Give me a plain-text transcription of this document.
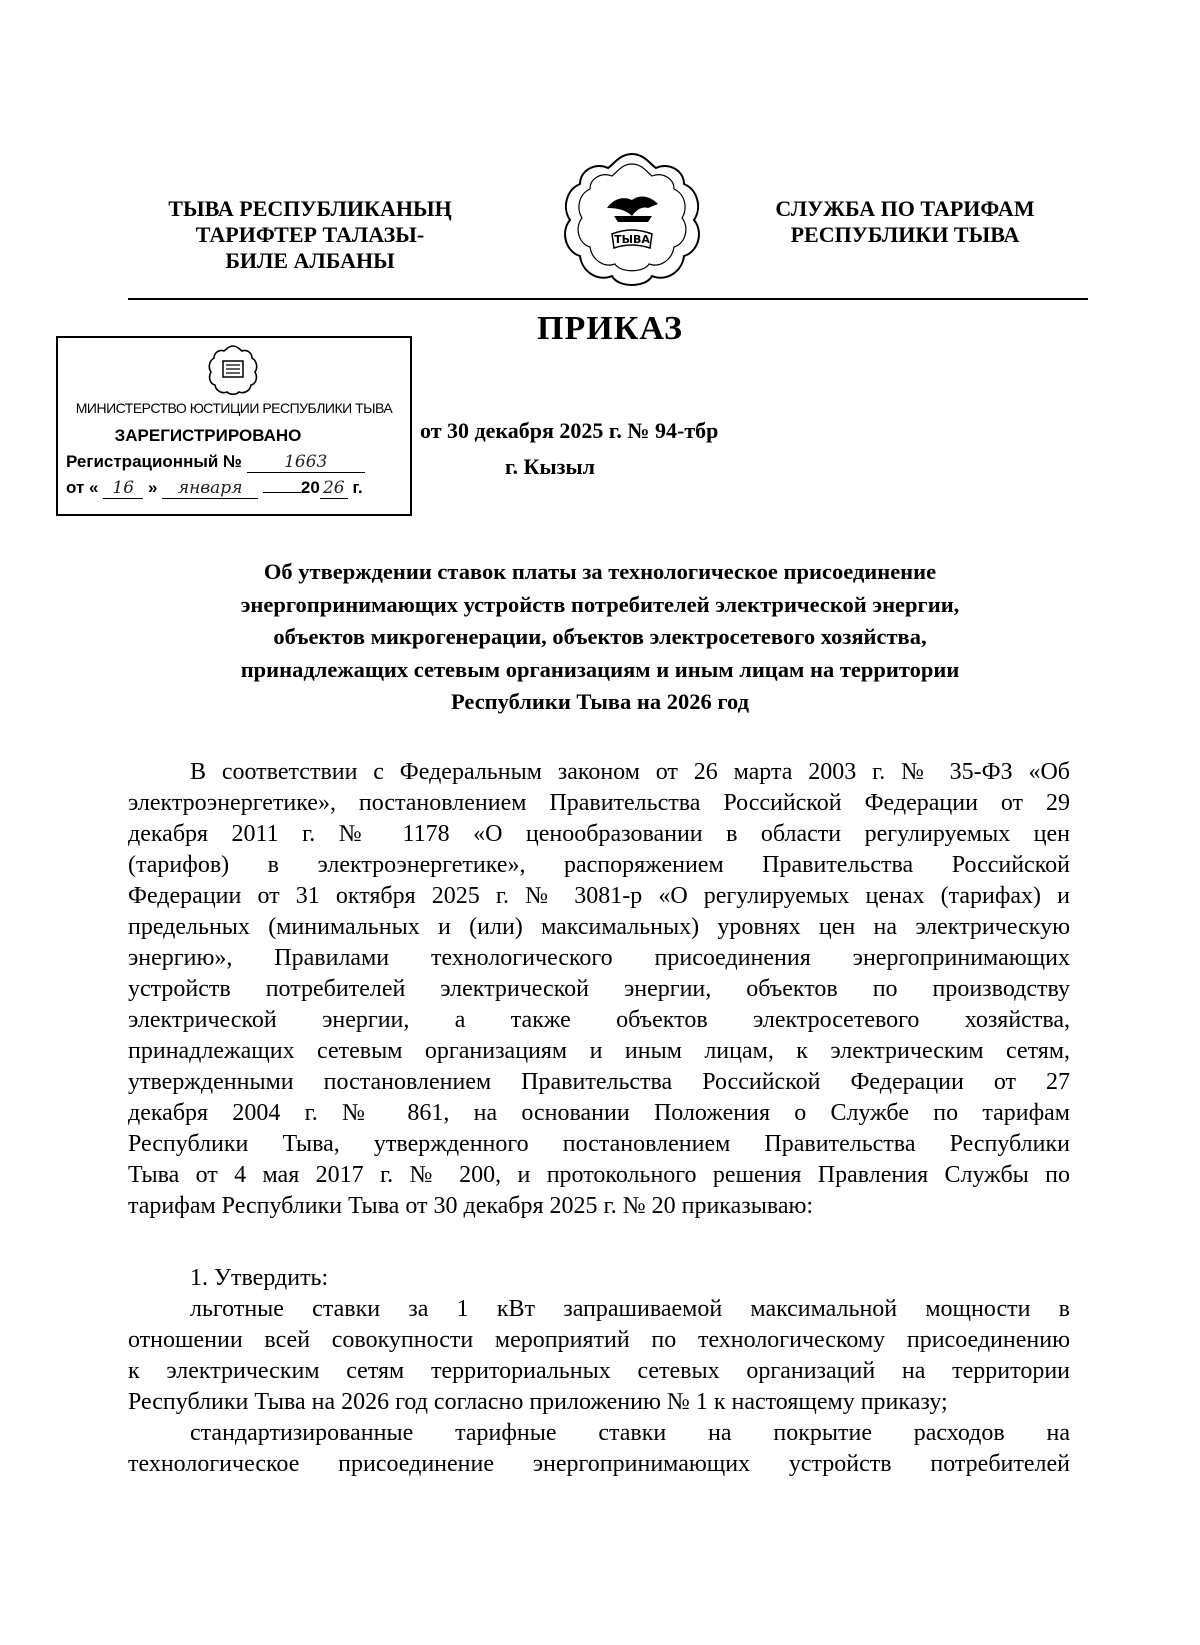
ТЫВА РЕСПУБЛИКАНЫҢ
ТАРИФТЕР ТАЛАЗЫ-
БИЛЕ АЛБАНЫ
ТЫВА
СЛУЖБА ПО ТАРИФАМ
РЕСПУБЛИКИ ТЫВА
ПРИКАЗ
МИНИСТЕРСТВО ЮСТИЦИИ РЕСПУБЛИКИ ТЫВА
ЗАРЕГИСТРИРОВАНО
Регистрационный № 1663
от « 16 » января	20 26 г.
от 30 декабря 2025 г. № 94-тбр
г. Кызыл
Об утверждении ставок платы за технологическое присоединение
энергопринимающих устройств потребителей электрической энергии,
объектов микрогенерации, объектов электросетевого хозяйства,
принадлежащих сетевым организациям и иным лицам на территории
Республики Тыва на 2026 год
В соответствии с Федеральным законом от 26 марта 2003 г. № 35-ФЗ «Об
электроэнергетике», постановлением Правительства Российской Федерации от 29
декабря 2011 г. № 1178 «О ценообразовании в области регулируемых цен
(тарифов) в электроэнергетике», распоряжением Правительства Российской
Федерации от 31 октября 2025 г. № 3081-р «О регулируемых ценах (тарифах) и
предельных (минимальных и (или) максимальных) уровнях цен на электрическую
энергию», Правилами технологического присоединения энергопринимающих
устройств потребителей электрической энергии, объектов по производству
электрической энергии, а также объектов электросетевого хозяйства,
принадлежащих сетевым организациям и иным лицам, к электрическим сетям,
утвержденными постановлением Правительства Российской Федерации от 27
декабря 2004 г. № 861, на основании Положения о Службе по тарифам
Республики Тыва, утвержденного постановлением Правительства Республики
Тыва от 4 мая 2017 г. № 200, и протокольного решения Правления Службы по
тарифам Республики Тыва от 30 декабря 2025 г. № 20 приказываю:
1. Утвердить:
льготные ставки за 1 кВт запрашиваемой максимальной мощности в
отношении всей совокупности мероприятий по технологическому присоединению
к электрическим сетям территориальных сетевых организаций на территории
Республики Тыва на 2026 год согласно приложению № 1 к настоящему приказу;
стандартизированные тарифные ставки на покрытие расходов на
технологическое присоединение энергопринимающих устройств потребителей
